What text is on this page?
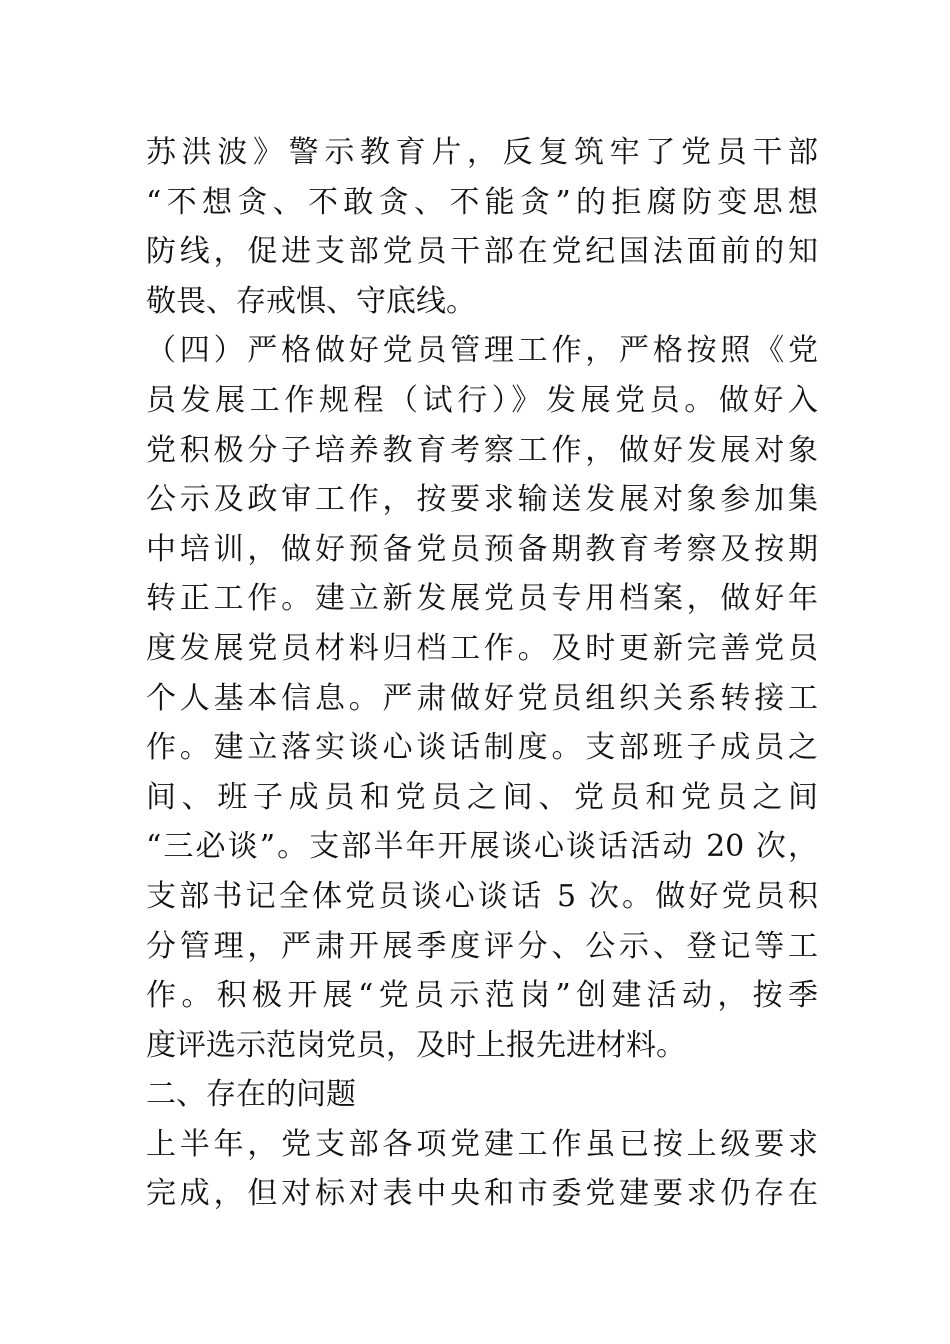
苏洪波》警示教育片，反复筑牢了党员干部
“不想贪、不敢贪、不能贪”的拒腐防变思想
防线，促进支部党员干部在党纪国法面前的知
敬畏、存戒惧、守底线。
（四）严格做好党员管理工作，严格按照《党
员发展工作规程（试行）》发展党员。做好入
党积极分子培养教育考察工作，做好发展对象
公示及政审工作，按要求输送发展对象参加集
中培训，做好预备党员预备期教育考察及按期
转正工作。建立新发展党员专用档案，做好年
度发展党员材料归档工作。及时更新完善党员
个人基本信息。严肃做好党员组织关系转接工
作。建立落实谈心谈话制度。支部班子成员之
间、班子成员和党员之间、党员和党员之间
“三必谈”。支部半年开展谈心谈话活动 20 次，
支部书记全体党员谈心谈话 5 次。做好党员积
分管理，严肃开展季度评分、公示、登记等工
作。积极开展“党员示范岗”创建活动，按季
度评选示范岗党员，及时上报先进材料。
二、存在的问题
上半年，党支部各项党建工作虽已按上级要求
完成，但对标对表中央和市委党建要求仍存在
